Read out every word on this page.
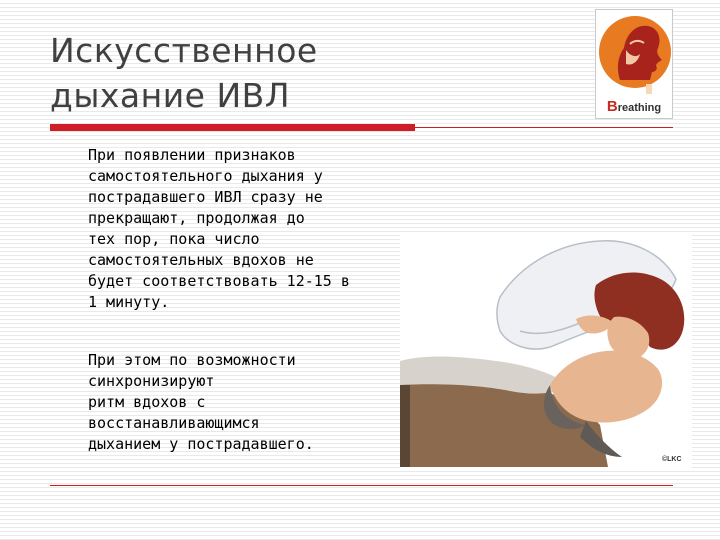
Искусственное
дыхание ИВЛ	Breathing
При появлении признаков
самостоятельного дыхания у
пострадавшего ИВЛ сразу не
прекращают, продолжая до
тех пор, пока число
самостоятельных вдохов не
будет соответствовать 12-15 в
1 минуту.
При этом по возможности
синхронизируют
ритм вдохов с
восстанавливающимся
дыханием у пострадавшего.
©LKC
